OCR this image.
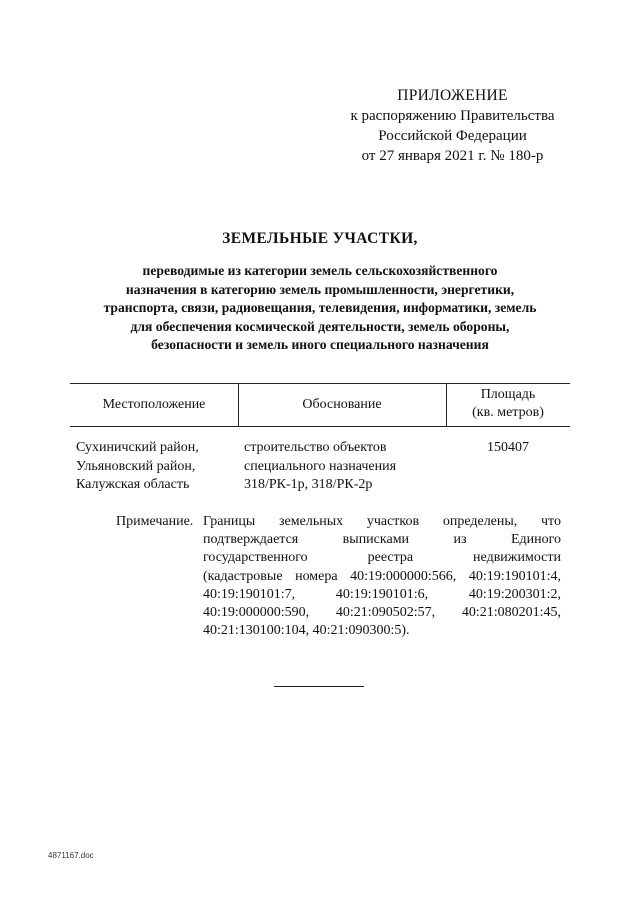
ПРИЛОЖЕНИЕ
к распоряжению Правительства
Российской Федерации
от 27 января 2021 г. № 180-р
ЗЕМЕЛЬНЫЕ УЧАСТКИ,
переводимые из категории земель сельскохозяйственного
назначения в категорию земель промышленности, энергетики,
транспорта, связи, радиовещания, телевидения, информатики, земель
для обеспечения космической деятельности, земель обороны,
безопасности и земель иного специального назначения
Местоположение	Обоснование
Площадь
(кв. метров)
Сухиничский район,
Ульяновский район,
Калужская область
строительство объектов
специального назначения
318/РК-1р, 318/РК-2р
150407
Примечание. Границы земельных участков определены, что
подтверждается выписками из Единого
государственного реестра недвижимости
(кадастровые номера 40:19:000000:566, 40:19:190101:4,
40:19:190101:7, 40:19:190101:6, 40:19:200301:2,
40:19:000000:590, 40:21:090502:57, 40:21:080201:45,
40:21:130100:104, 40:21:090300:5).
4871167.doc
